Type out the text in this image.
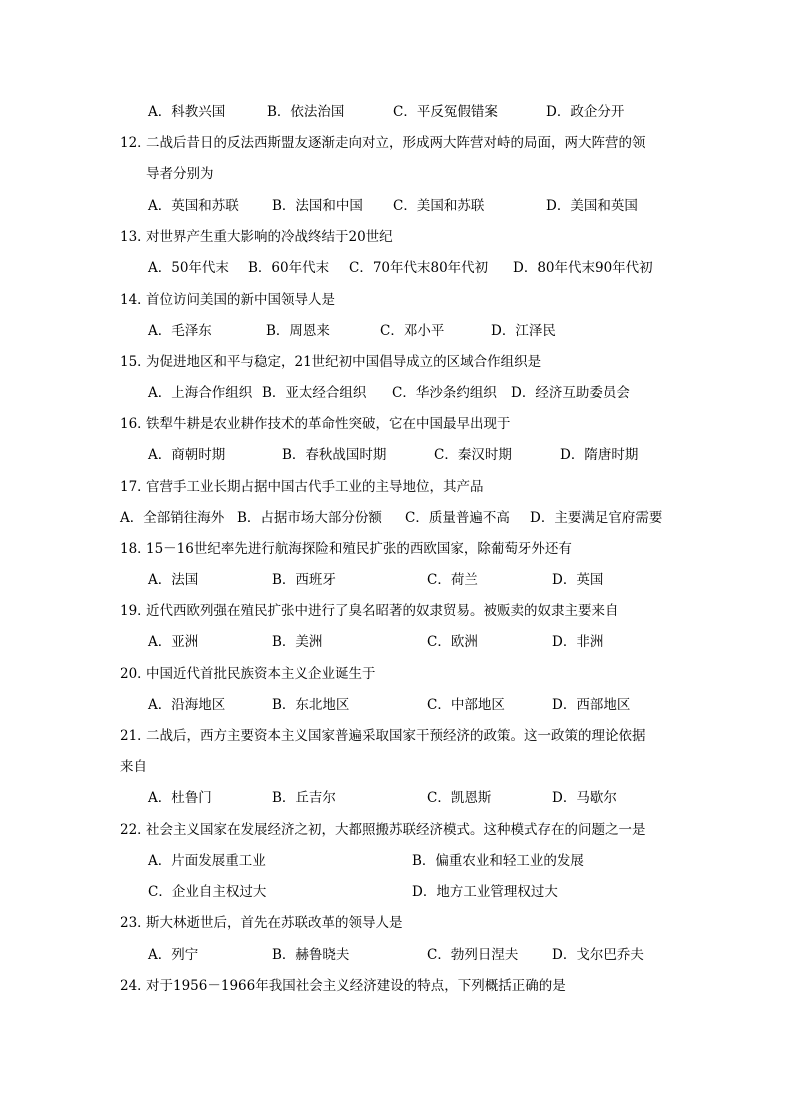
A．科教兴国	B．依法治国	C．平反冤假错案	D．政企分开
12．
二战后昔日的反法西斯盟友逐渐走向对立，形成两大阵营对峙的局面，两大阵营的领
导者分别为
A．英国和苏联 B．法国和中国 C．美国和苏联	D．美国和英国
13．
对世界产生重大影响的冷战终结于20世纪
A．50年代末 B．60年代末 C．70年代末80年代初 D．80年代末90年代初
14．
首位访问美国的新中国领导人是
A．毛泽东	B．周恩来	C．邓小平	D．江泽民
15．
为促进地区和平与稳定，21世纪初中国倡导成立的区域合作组织是
A．上海合作组织 B．亚太经合组织 C．华沙条约组织 D．经济互助委员会
16．
铁犁牛耕是农业耕作技术的革命性突破，它在中国最早出现于
A．商朝时期	B．春秋战国时期	C．秦汉时期	D．隋唐时期
17．
官营手工业长期占据中国古代手工业的主导地位，其产品
A．全部销往海外 B．占据市场大部分份额 C．质量普遍不高 D．主要满足官府需要
18．
15－16世纪率先进行航海探险和殖民扩张的西欧国家，除葡萄牙外还有
A．法国	B．西班牙	C．荷兰	D．英国
19．
近代西欧列强在殖民扩张中进行了臭名昭著的奴隶贸易。被贩卖的奴隶主要来自
A．亚洲	B．美洲	C．欧洲	D．非洲
20．
中国近代首批民族资本主义企业诞生于
A．沿海地区	B．东北地区	C．中部地区	D．西部地区
21．
二战后，西方主要资本主义国家普遍采取国家干预经济的政策。这一政策的理论依据
来自
A．杜鲁门	B．丘吉尔	C．凯恩斯	D．马歇尔
22．
社会主义国家在发展经济之初，大都照搬苏联经济模式。这种模式存在的问题之一是
A．片面发展重工业	B．偏重农业和轻工业的发展
C．企业自主权过大	D．地方工业管理权过大
23．
斯大林逝世后，首先在苏联改革的领导人是
A．列宁	B．赫鲁晓夫	C．勃列日涅夫 D．戈尔巴乔夫
24．
对于1956－1966年我国社会主义经济建设的特点，下列概括正确的是
